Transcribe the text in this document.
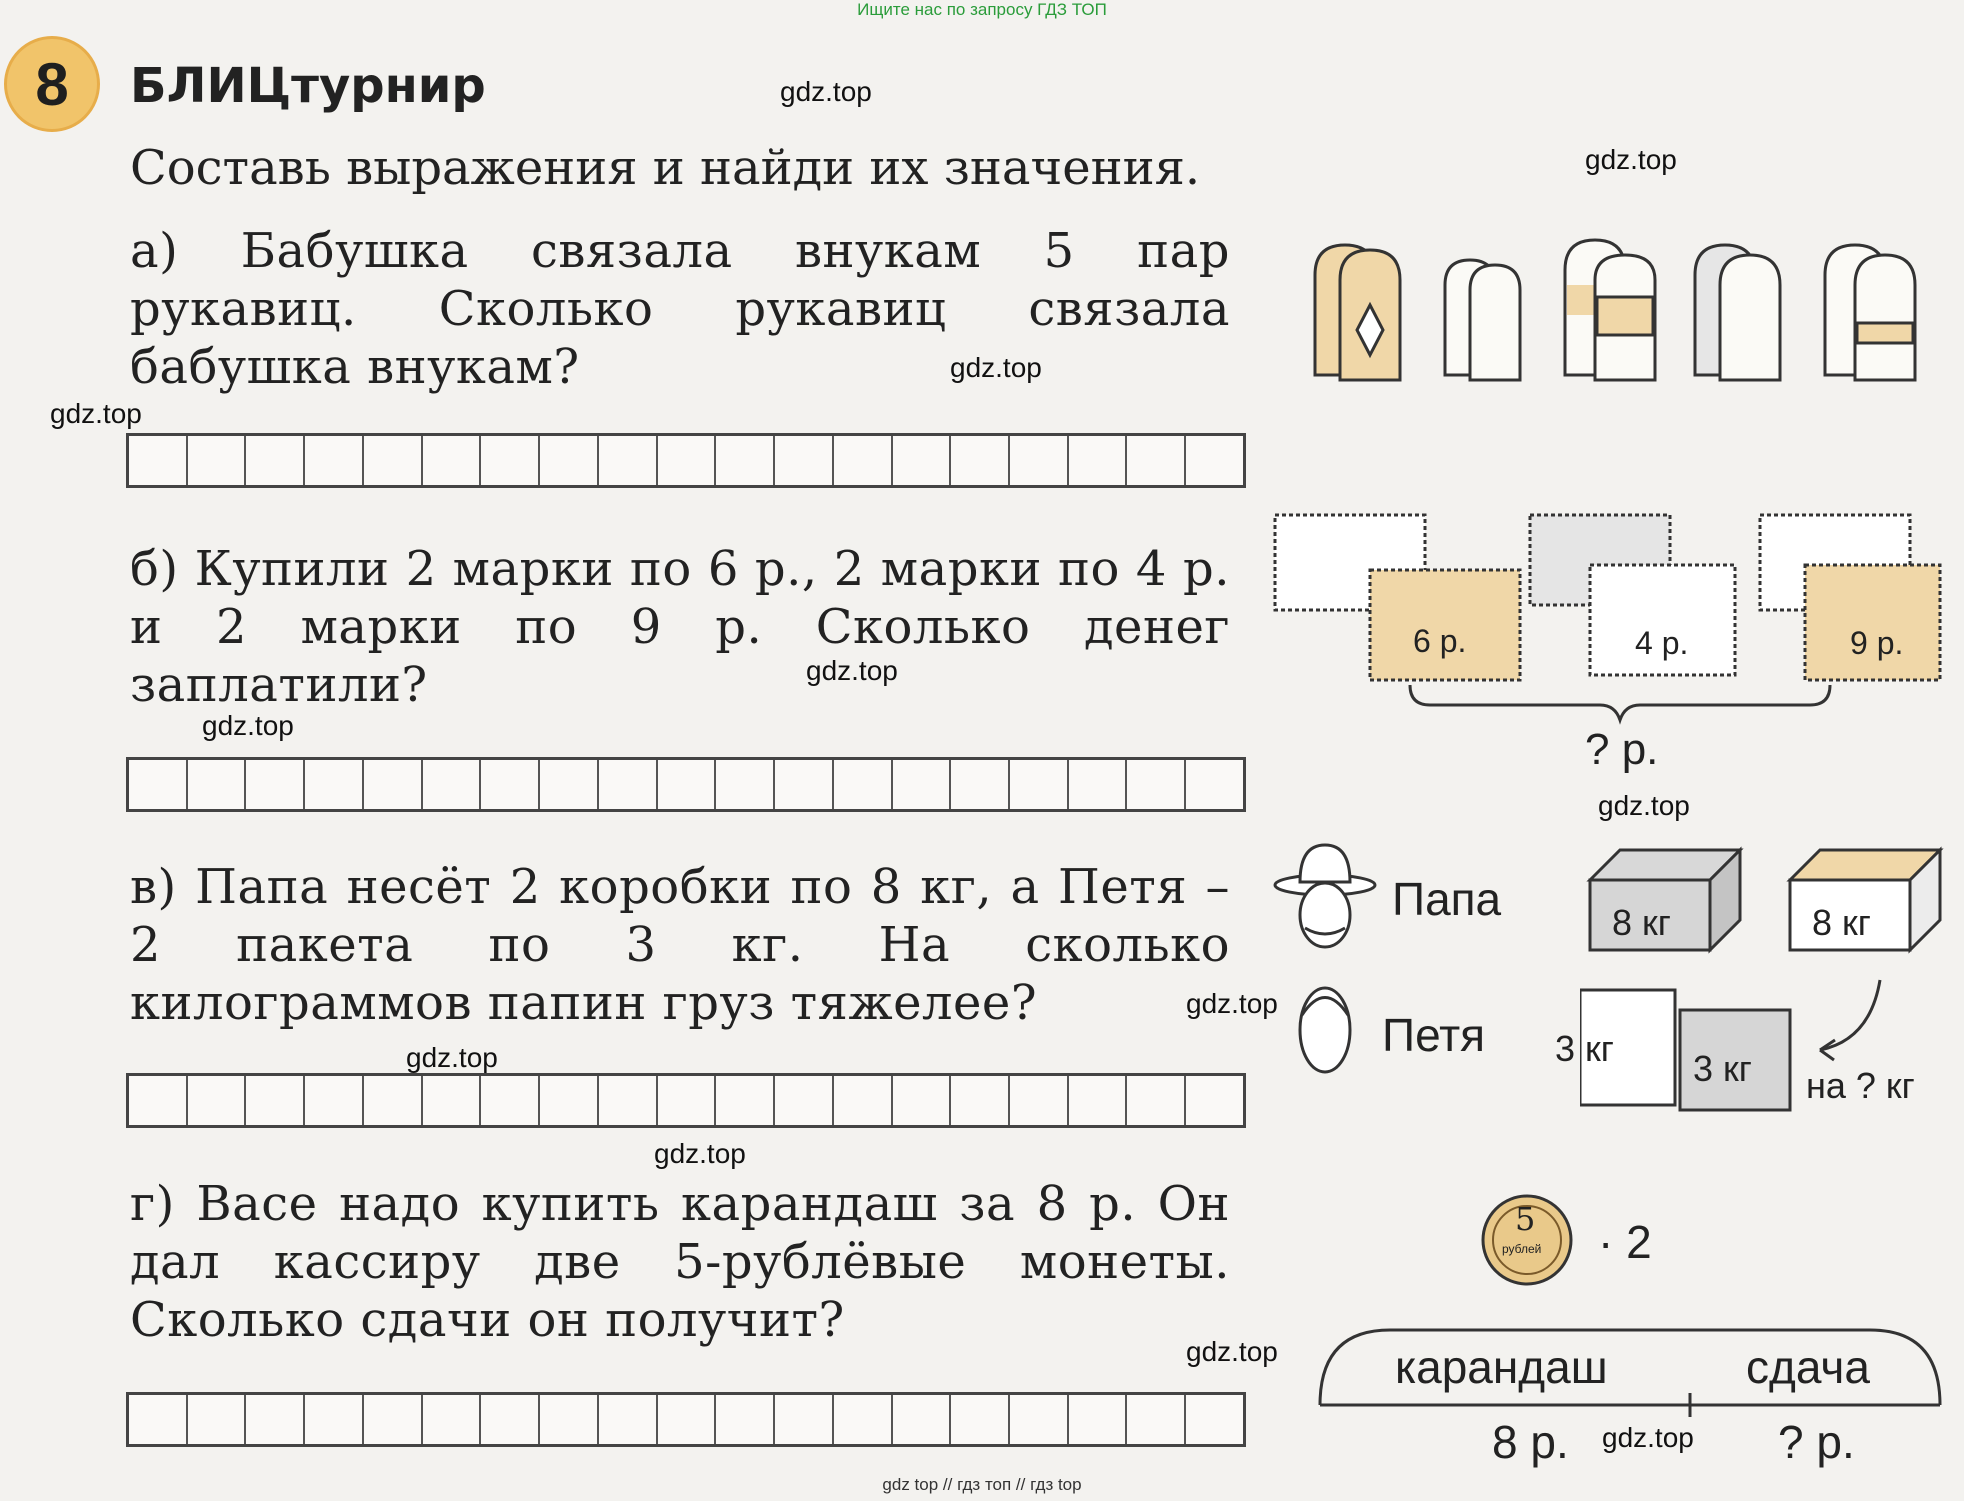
Ищите нас по запросу ГДЗ ТОП
8 БЛИЦтурнир
Составь выражения и найди их значения.

а) Бабушка связала внукам 5 пар рукавиц. Сколько рукавиц связала бабушка внукам?

б) Купили 2 марки по 6 р., 2 марки по 4 р. и 2 марки по 9 р. Сколько денег заплатили?

в) Папа несёт 2 коробки по 8 кг, а Петя – 2 пакета по 3 кг. На сколько килограммов папин груз тяжелее?

г) Васе надо купить карандаш за 8 р. Он дал кассиру две 5-рублёвые монеты. Сколько сдачи он получит?

gdz.top
gdz.top
gdz.top
gdz.top
gdz.top
gdz.top
gdz.top
gdz.top
gdz.top
gdz.top
gdz.top
gdz.top
6 р.	4 р.	9 р.
? р.
Папа
Петя
8 кг	8 кг
3 кг 3 кг на ? кг
5
рублей · 2
карандаш	сдача
8 р.	? р.
gdz top // гдз топ // гдз top
